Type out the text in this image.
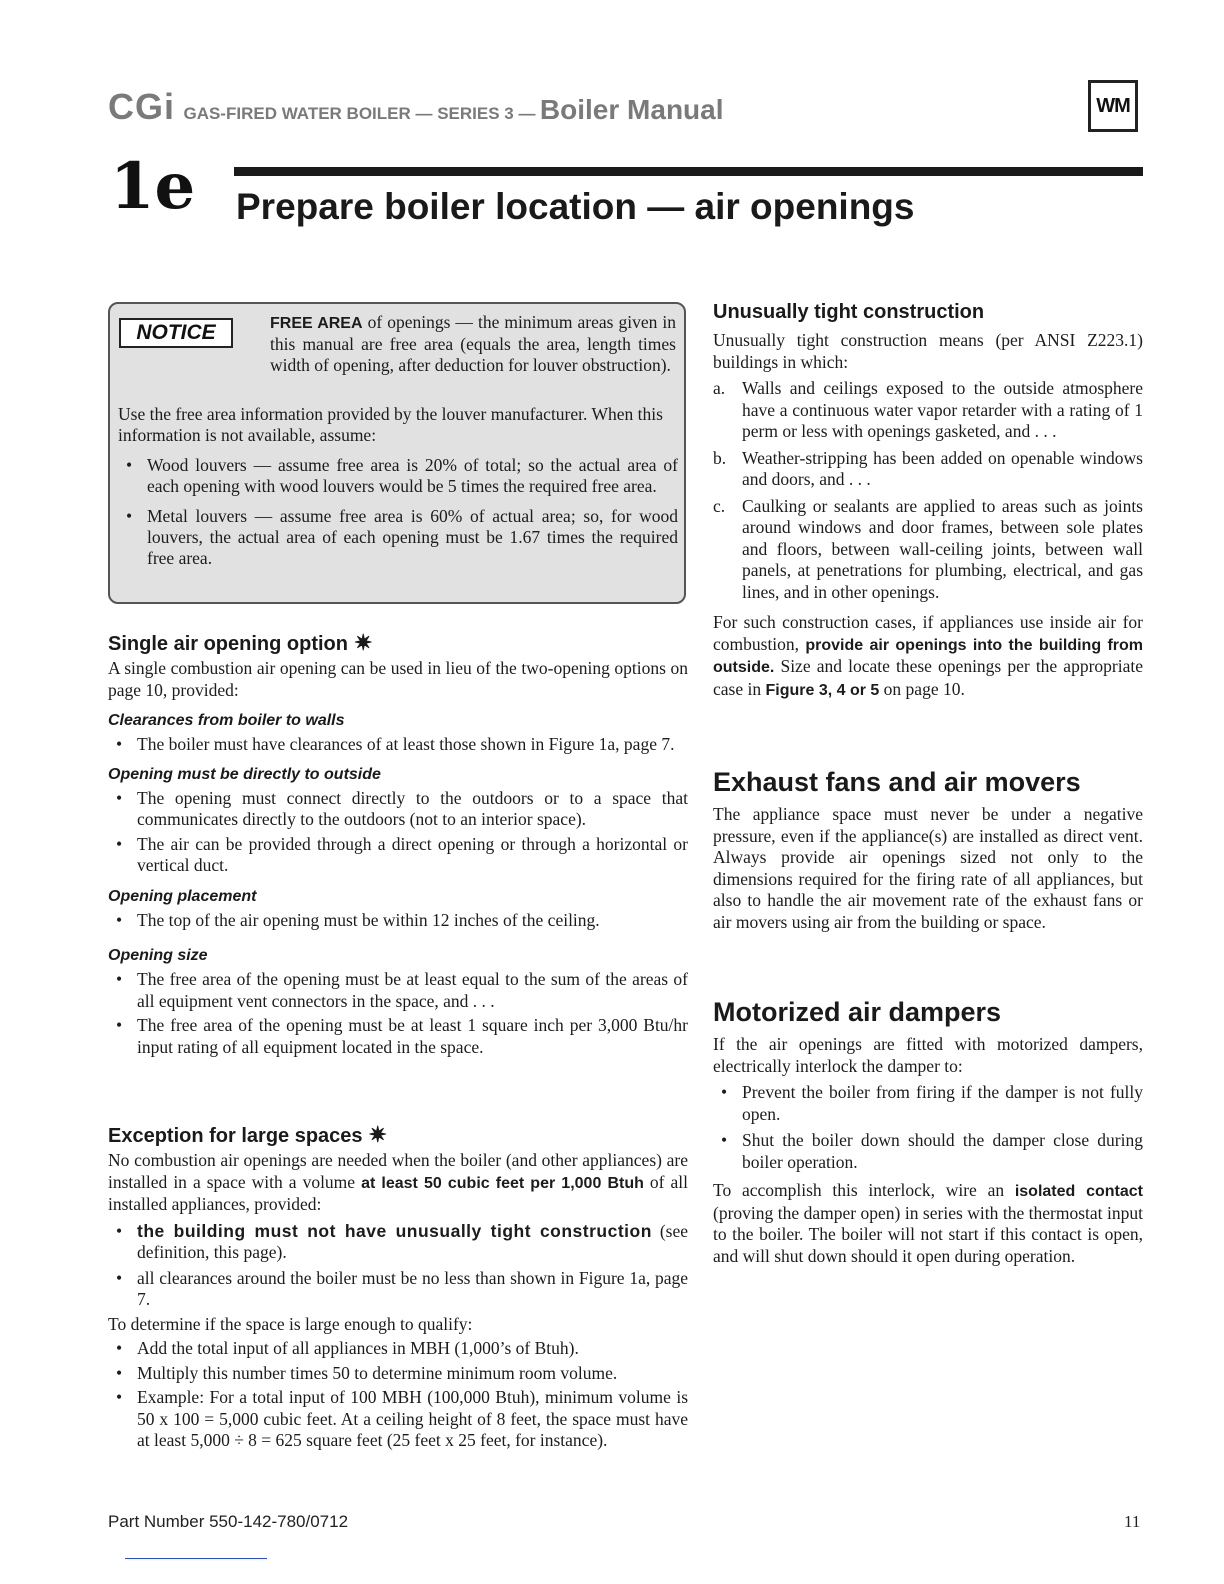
CGi GAS-FIRED WATER BOILER — SERIES 3 — Boiler Manual	WM
1e Prepare boiler location — air openings
NOTICE	FREE AREA of openings — the minimum areas given in this manual are free area (equals the area, length times width of opening, after deduction for louver obstruction).

Use the free area information provided by the louver manufacturer. When this information is not available, assume:

• Wood louvers — assume free area is 20% of total; so the actual area of each opening with wood louvers would be 5 times the required free area.
• Metal louvers — assume free area is 60% of actual area; so, for wood louvers, the actual area of each opening must be 1.67 times the required free area.
Single air opening option ✷

A single combustion air opening can be used in lieu of the two-opening options on page 10, provided:

Clearances from boiler to walls
• The boiler must have clearances of at least those shown in Figure 1a, page 7.
Opening must be directly to outside
• The opening must connect directly to the outdoors or to a space that communicates directly to the outdoors (not to an interior space).
• The air can be provided through a direct opening or through a horizontal or vertical duct.
Opening placement
• The top of the air opening must be within 12 inches of the ceiling.
Opening size
• The free area of the opening must be at least equal to the sum of the areas of all equipment vent connectors in the space, and . . .
• The free area of the opening must be at least 1 square inch per 3,000 Btu/hr input rating of all equipment located in the space.
Exception for large spaces ✷

No combustion air openings are needed when the boiler (and other appliances) are installed in a space with a volume at least 50 cubic feet per 1,000 Btuh of all installed appliances, provided:

• the building must not have unusually tight construction (see definition, this page).
• all clearances around the boiler must be no less than shown in Figure 1a, page 7.

To determine if the space is large enough to qualify:

• Add the total input of all appliances in MBH (1,000’s of Btuh).
• Multiply this number times 50 to determine minimum room volume.
• Example: For a total input of 100 MBH (100,000 Btuh), minimum volume is 50 x 100 = 5,000 cubic feet. At a ceiling height of 8 feet, the space must have at least 5,000 ÷ 8 = 625 square feet (25 feet x 25 feet, for instance).
Unusually tight construction

Unusually tight construction means (per ANSI Z223.1) buildings in which:

a. Walls and ceilings exposed to the outside atmosphere have a continuous water vapor retarder with a rating of 1 perm or less with openings gasketed, and . . .
b. Weather-stripping has been added on openable windows and doors, and . . .
c. Caulking or sealants are applied to areas such as joints around windows and door frames, between sole plates and floors, between wall-ceiling joints, between wall panels, at penetrations for plumbing, electrical, and gas lines, and in other openings.

For such construction cases, if appliances use inside air for combustion, provide air openings into the building from outside. Size and locate these openings per the appropriate case in Figure 3, 4 or 5 on page 10.

Exhaust fans and air movers

The appliance space must never be under a negative pressure, even if the appliance(s) are installed as direct vent. Always provide air openings sized not only to the dimensions required for the firing rate of all appliances, but also to handle the air movement rate of the exhaust fans or air movers using air from the building or space.

Motorized air dampers

If the air openings are fitted with motorized dampers, electrically interlock the damper to:

• Prevent the boiler from firing if the damper is not fully open.
• Shut the boiler down should the damper close during boiler operation.

To accomplish this interlock, wire an isolated contact (proving the damper open) in series with the thermostat input to the boiler. The boiler will not start if this contact is open, and will shut down should it open during operation.

Part Number 550-142-780/0712	11
